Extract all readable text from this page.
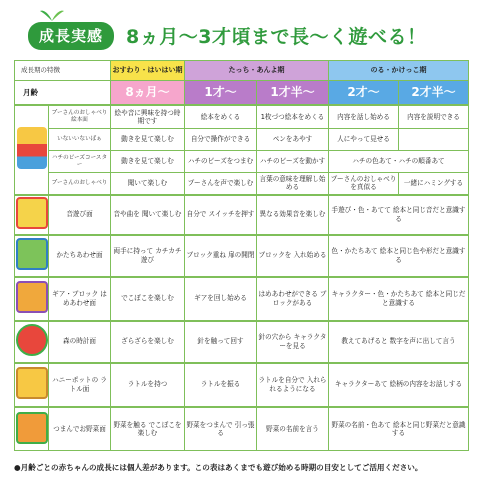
成長実感	8ヵ月〜3才頃まで長〜く遊べる！
成長期の特徴		おすわり・はいはい期	たっち・あんよ期		のる・かけっこ期	
月齢		8ヵ月〜	1才〜	1才半〜	2才〜	2才半〜
	プーさんのおしゃべり絵本面	絵や音に興味を持つ時期です	絵本をめくる	1枚づつ絵本をめくる	内容を話し始める	内容を説明できる
	いないいないばぁ	動きを見て楽しむ	自分で操作ができる	ペンをあやす	人にやって見せる	
	ハチのビーズコースター	動きを見て楽しむ	ハチのビーズをつまむ	ハチのビーズを動かす	ハチの色あて・ハチの順番あて	
	プーさんのおしゃべり	聞いて楽しむ	プーさんを声で楽しむ	言葉の意味を理解し始める	プーさんのおしゃべりを真似る	一緒にハミングする
	音遊び面	音や曲を 聞いて楽しむ	自分で スイッチを押す	異なる効果音を楽しむ	手遊び・色・あてて 絵本と同じ音だと意識する	
	かたちあわせ面	両手に持って カチカチ遊び	ブロック重ね 扉の開閉	ブロックを 入れ始める	色・かたちあて 絵本と同じ色や形だと意識する	
	ギア・ブロック はめあわせ面	でこぼこを楽しむ	ギアを回し始める	はめあわせができる ブロックがある	キャラクター・色・かたちあて 絵本と同じだと意識する	
	森の時計面	ざらざらを楽しむ	針を触って回す	針の穴から キャラクターを見る	教えてあげると 数字を声に出して言う	
	ハニーポットの ラトル面	ラトルを持つ	ラトルを振る	ラトルを自分で 入れられるようになる	キャラクターあて 絵柄の内容をお話しする	
	つまんでお野菜面	野菜を触る でこぼこを楽しむ	野菜をつまんで 引っ張る	野菜の名前を言う	野菜の名前・色あて 絵本と同じ野菜だと意識する	
●月齢ごとの赤ちゃんの成長には個人差があります。この表はあくまでも遊び始める時期の目安としてご活用ください。
